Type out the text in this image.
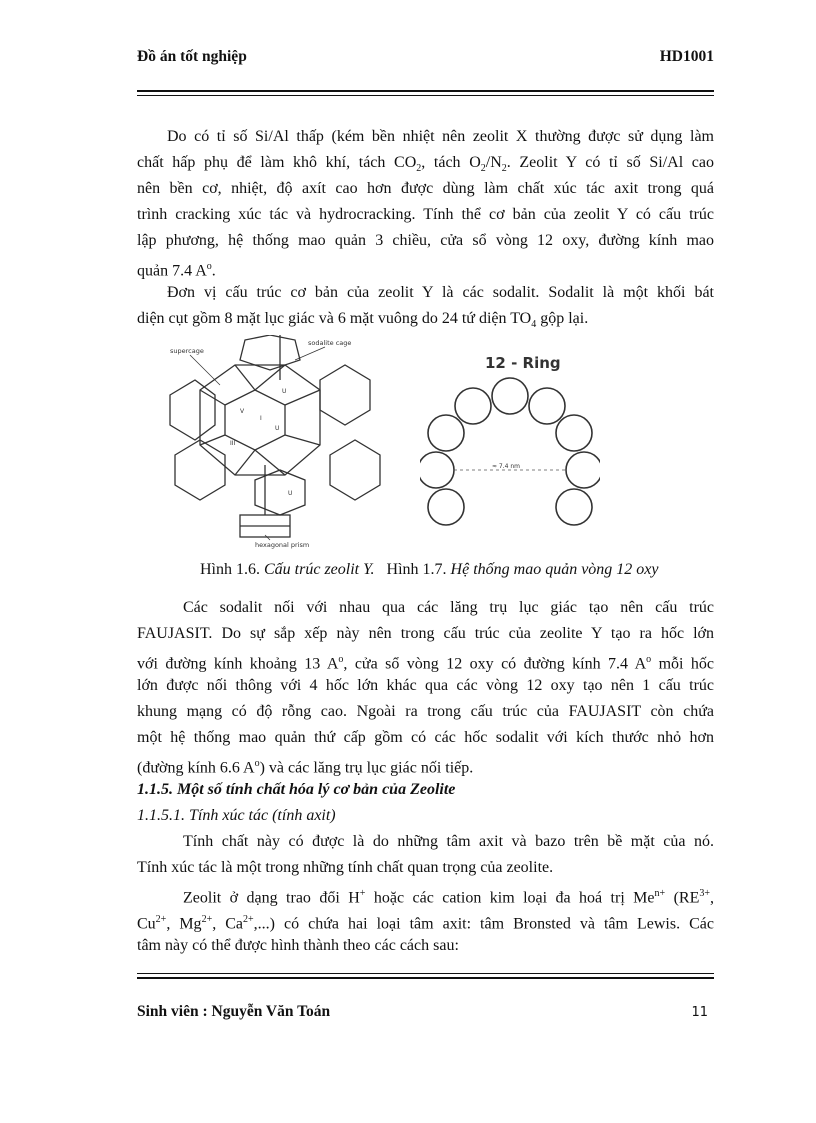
Đồ án tốt nghiệp	HD1001
Do có tỉ số Si/Al thấp (kém bền nhiệt nên zeolit X thường được sử dụng làm
chất hấp phụ để làm khô khí, tách $CO_2$, tách $O_2/N_2$. Zeolit Y có tỉ số Si/Al cao
nên bền cơ, nhiệt, độ axít cao hơn được dùng làm chất xúc tác axit trong quá
trình cracking xúc tác và hydrocracking. Tính thể cơ bản của zeolit Y có cấu trúc
lập phương, hệ thống mao quản 3 chiều, cửa sổ vòng 12 oxy, đường kính mao
quản 7.4 $A^o$.
Đơn vị cấu trúc cơ bản của zeolit Y là các sodalit. Sodalit là một khối bát
diện cụt gồm 8 mặt lục giác và 6 mặt vuông do 24 tứ diện $TO_4$ gộp lại.
I
V
U
U
III
U
supercage
sodalite cage
hexagonal prism
12 - Ring
≈ 7.4 nm
Hình 1.6. Cấu trúc zeolit Y. Hình 1.7. Hệ thống mao quản vòng 12 oxy
Các sodalit nối với nhau qua các lăng trụ lục giác tạo nên cấu trúc
FAUJASIT. Do sự sắp xếp này nên trong cấu trúc của zeolite Y tạo ra hốc lớn
với đường kính khoảng 13 $A^o$, cửa sổ vòng 12 oxy có đường kính 7.4 $A^o$ mỗi hốc
lớn được nối thông với 4 hốc lớn khác qua các vòng 12 oxy tạo nên 1 cấu trúc
khung mạng có độ rỗng cao. Ngoài ra trong cấu trúc của FAUJASIT còn chứa
một hệ thống mao quản thứ cấp gồm có các hốc sodalit với kích thước nhỏ hơn
(đường kính 6.6 $A^o$) và các lăng trụ lục giác nối tiếp.
1.1.5. Một số tính chất hóa lý cơ bản của Zeolite
1.1.5.1. Tính xúc tác (tính axit)
Tính chất này có được là do những tâm axit và bazo trên bề mặt của nó.
Tính xúc tác là một trong những tính chất quan trọng của zeolite.
Zeolit ở dạng trao đổi H+ hoặc các cation kim loại đa hoá trị $Me^{n+}$ ($RE^{3+}$,
$Cu^{2+}$, $Mg^{2+}$, $Ca^{2+}$,...) có chứa hai loại tâm axit: tâm Bronsted và tâm Lewis. Các
tâm này có thể được hình thành theo các cách sau:
Sinh viên : Nguyễn Văn Toán	11
